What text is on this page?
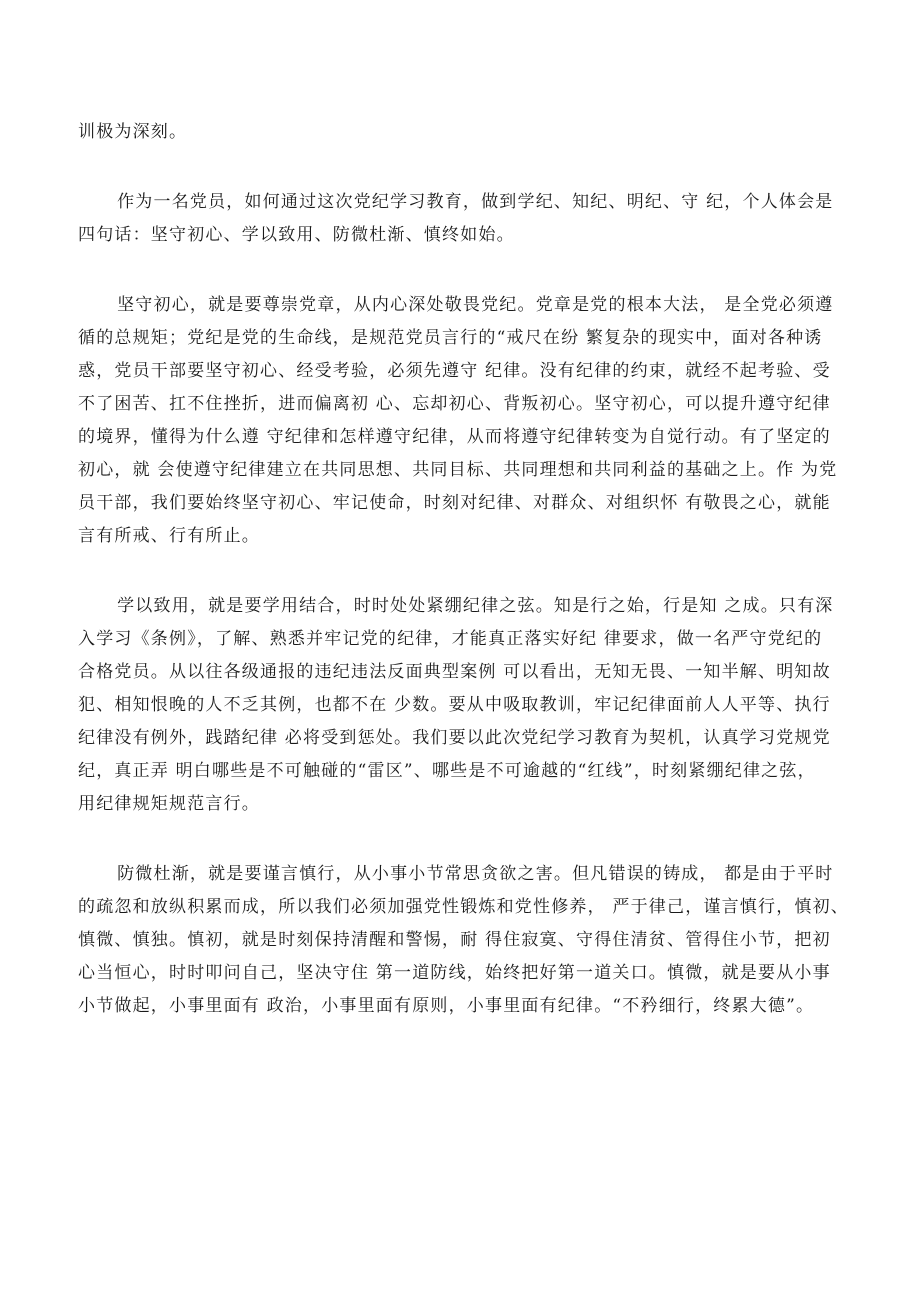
训极为深刻。

作为一名党员，如何通过这次党纪学习教育，做到学纪、知纪、明纪、守 纪，个人体会是
四句话：坚守初心、学以致用、防微杜渐、慎终如始。

坚守初心，就是要尊崇党章，从内心深处敬畏党纪。党章是党的根本大法， 是全党必须遵
循的总规矩；党纪是党的生命线，是规范党员言行的“戒尺在纷 繁复杂的现实中，面对各种诱
惑，党员干部要坚守初心、经受考验，必须先遵守 纪律。没有纪律的约束，就经不起考验、受
不了困苦、扛不住挫折，进而偏离初 心、忘却初心、背叛初心。坚守初心，可以提升遵守纪律
的境界，懂得为什么遵 守纪律和怎样遵守纪律，从而将遵守纪律转变为自觉行动。有了坚定的
初心，就 会使遵守纪律建立在共同思想、共同目标、共同理想和共同利益的基础之上。作 为党
员干部，我们要始终坚守初心、牢记使命，时刻对纪律、对群众、对组织怀 有敬畏之心，就能
言有所戒、行有所止。

学以致用，就是要学用结合，时时处处紧绷纪律之弦。知是行之始，行是知 之成。只有深
入学习《条例》，了解、熟悉并牢记党的纪律，才能真正落实好纪 律要求，做一名严守党纪的
合格党员。从以往各级通报的违纪违法反面典型案例 可以看出，无知无畏、一知半解、明知故
犯、相知恨晚的人不乏其例，也都不在 少数。要从中吸取教训，牢记纪律面前人人平等、执行
纪律没有例外，践踏纪律 必将受到惩处。我们要以此次党纪学习教育为契机，认真学习党规党
纪，真正弄 明白哪些是不可触碰的“雷区”、哪些是不可逾越的“红线”，时刻紧绷纪律之弦，
用纪律规矩规范言行。

防微杜渐，就是要谨言慎行，从小事小节常思贪欲之害。但凡错误的铸成， 都是由于平时
的疏忽和放纵积累而成，所以我们必须加强党性锻炼和党性修养， 严于律己，谨言慎行，慎初、
慎微、慎独。慎初，就是时刻保持清醒和警惕，耐 得住寂寞、守得住清贫、管得住小节，把初
心当恒心，时时叩问自己，坚决守住 第一道防线，始终把好第一道关口。慎微，就是要从小事
小节做起，小事里面有 政治，小事里面有原则，小事里面有纪律。“不矜细行，终累大德”。
